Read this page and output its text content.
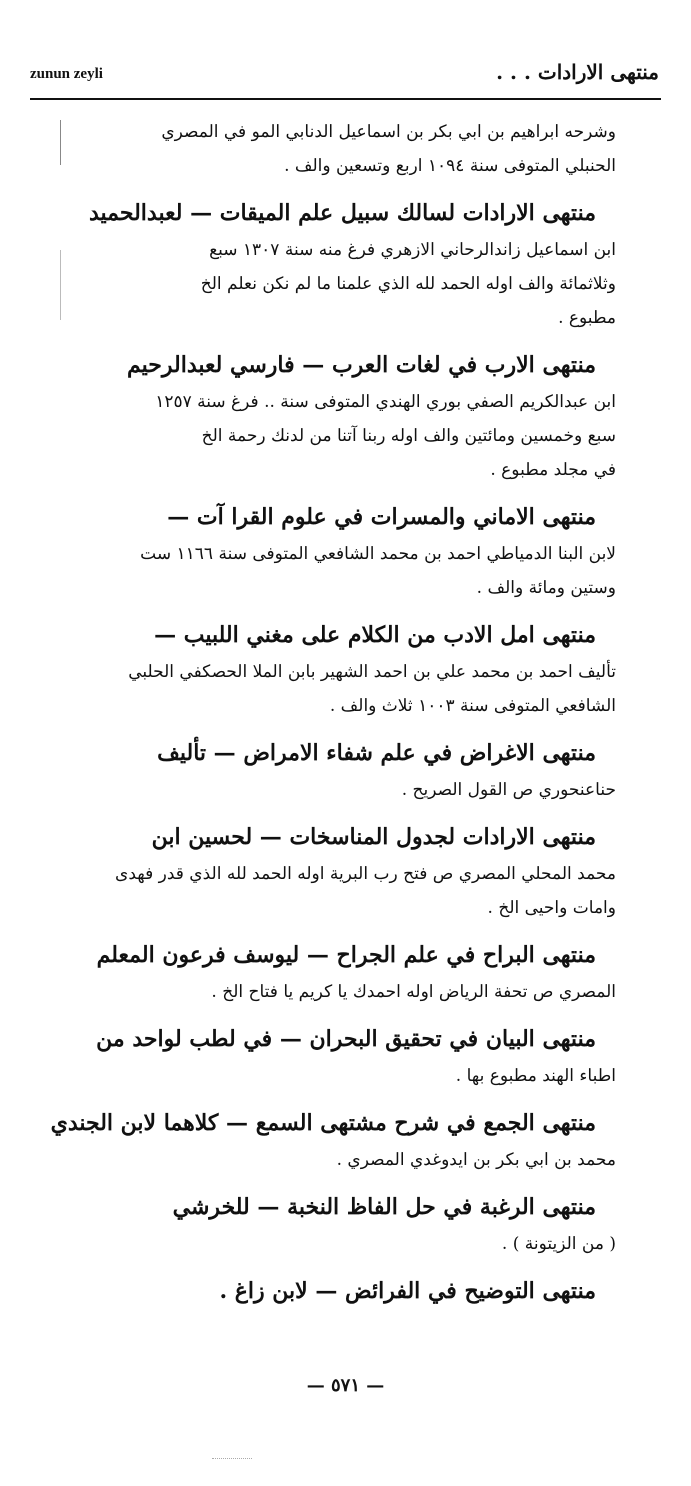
zunun zeyli	منتهى الارادات . . .
وشرحه ابراهيم بن ابي بكر بن اسماعيل الدنابي المو في المصري
الحنبلي المتوفى سنة ١٠٩٤ اربع وتسعين والف .
منتهى الارادات لسالك سبيل علم الميقات — لعبدالحميد
ابن اسماعيل زاندالرحاني الازهري فرغ منه سنة ١٣٠٧ سبع
وثلاثمائة والف اوله الحمد لله الذي علمنا ما لم نكن نعلم الخ
مطبوع .
منتهى الارب في لغات العرب — فارسي لعبدالرحيم
ابن عبدالكريم الصفي بوري الهندي المتوفى سنة .. فرغ سنة ١٢٥٧
سبع وخمسين ومائتين والف اوله ربنا آتنا من لدنك رحمة الخ
في مجلد مطبوع .
منتهى الاماني والمسرات في علوم القرا آت —
لابن البنا الدمياطي احمد بن محمد الشافعي المتوفى سنة ١١٦٦ ست
وستين ومائة والف .
منتهى امل الادب من الكلام على مغني اللبيب —
تأليف احمد بن محمد علي بن احمد الشهير بابن الملا الحصكفي الحلبي
الشافعي المتوفى سنة ١٠٠٣ ثلاث والف .
منتهى الاغراض في علم شفاء الامراض — تأليف
حناعنحوري ص القول الصريح .
منتهى الارادات لجدول المناسخات — لحسين ابن
محمد المحلي المصري ص فتح رب البرية اوله الحمد لله الذي قدر فهدى
وامات واحيى الخ .
منتهى البراح في علم الجراح — ليوسف فرعون المعلم
المصري ص تحفة الرياض اوله احمدك يا كريم يا فتاح الخ .
منتهى البيان في تحقيق البحران — في لطب لواحد من
اطباء الهند مطبوع بها .
منتهى الجمع في شرح مشتهى السمع — كلاهما لابن الجندي
محمد بن ابي بكر بن ايدوغدي المصري .
منتهى الرغبة في حل الفاظ النخبة — للخرشي
( من الزيتونة ) .
منتهى التوضيح في الفرائض — لابن زاغ .
— ٥٧١ —
